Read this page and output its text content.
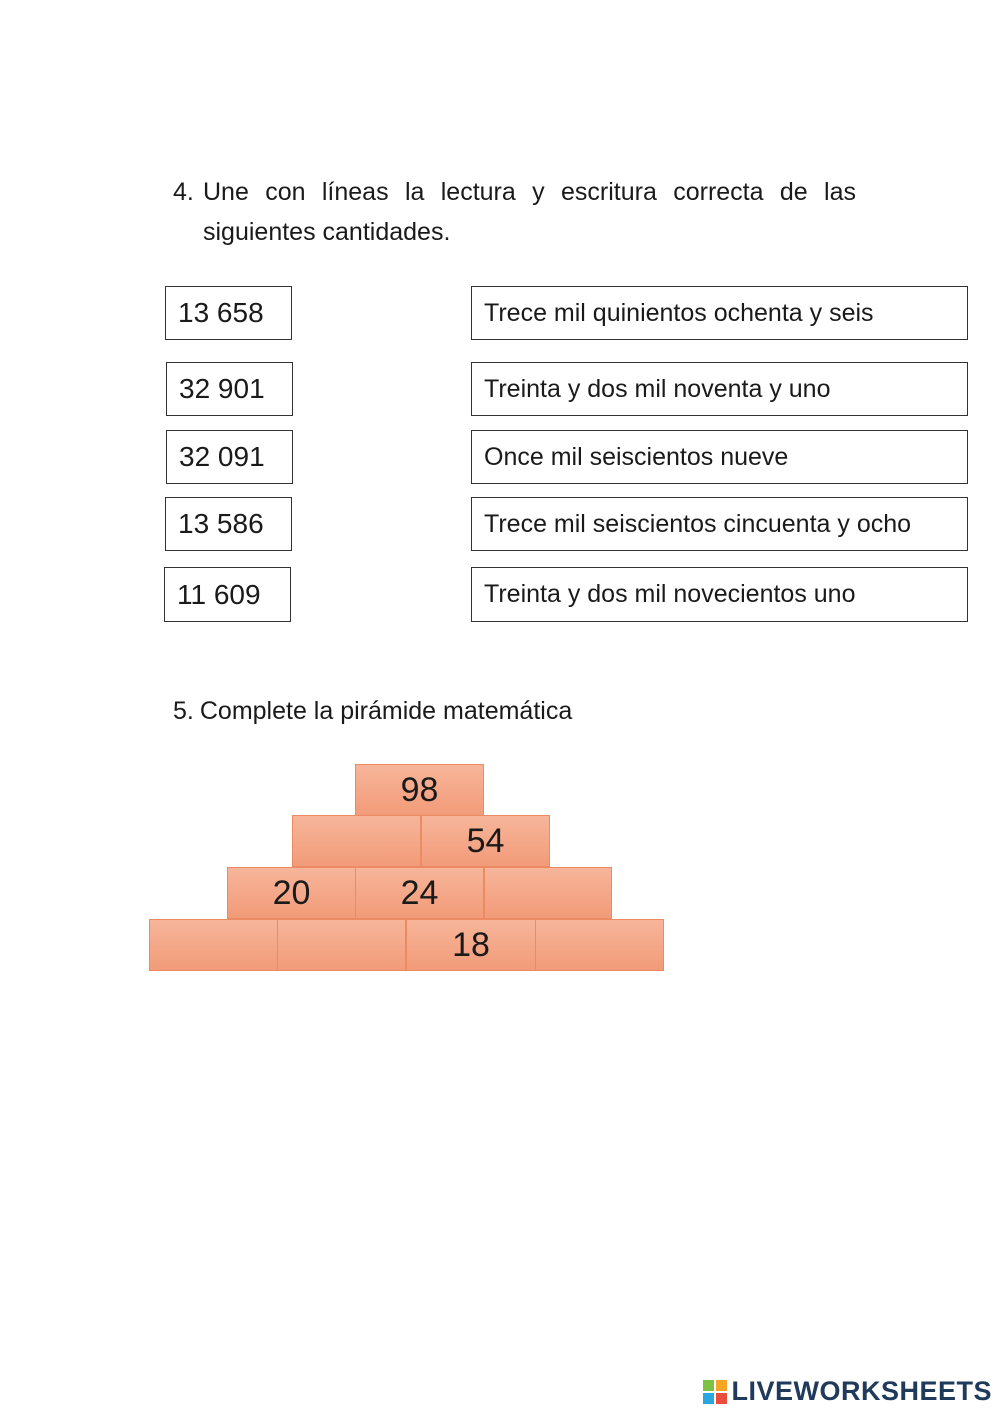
4. Une con líneas la lectura y escritura correcta de las siguientes cantidades.
13 658
32 901
32 091
13 586
11 609
Trece mil quinientos ochenta y seis
Treinta y dos mil noventa y uno
Once mil seiscientos nueve
Trece mil seiscientos cincuenta y ocho
Treinta y dos mil novecientos uno
5. Complete la pirámide matemática
98
54
20	24
18
LIVEWORKSHEETS
